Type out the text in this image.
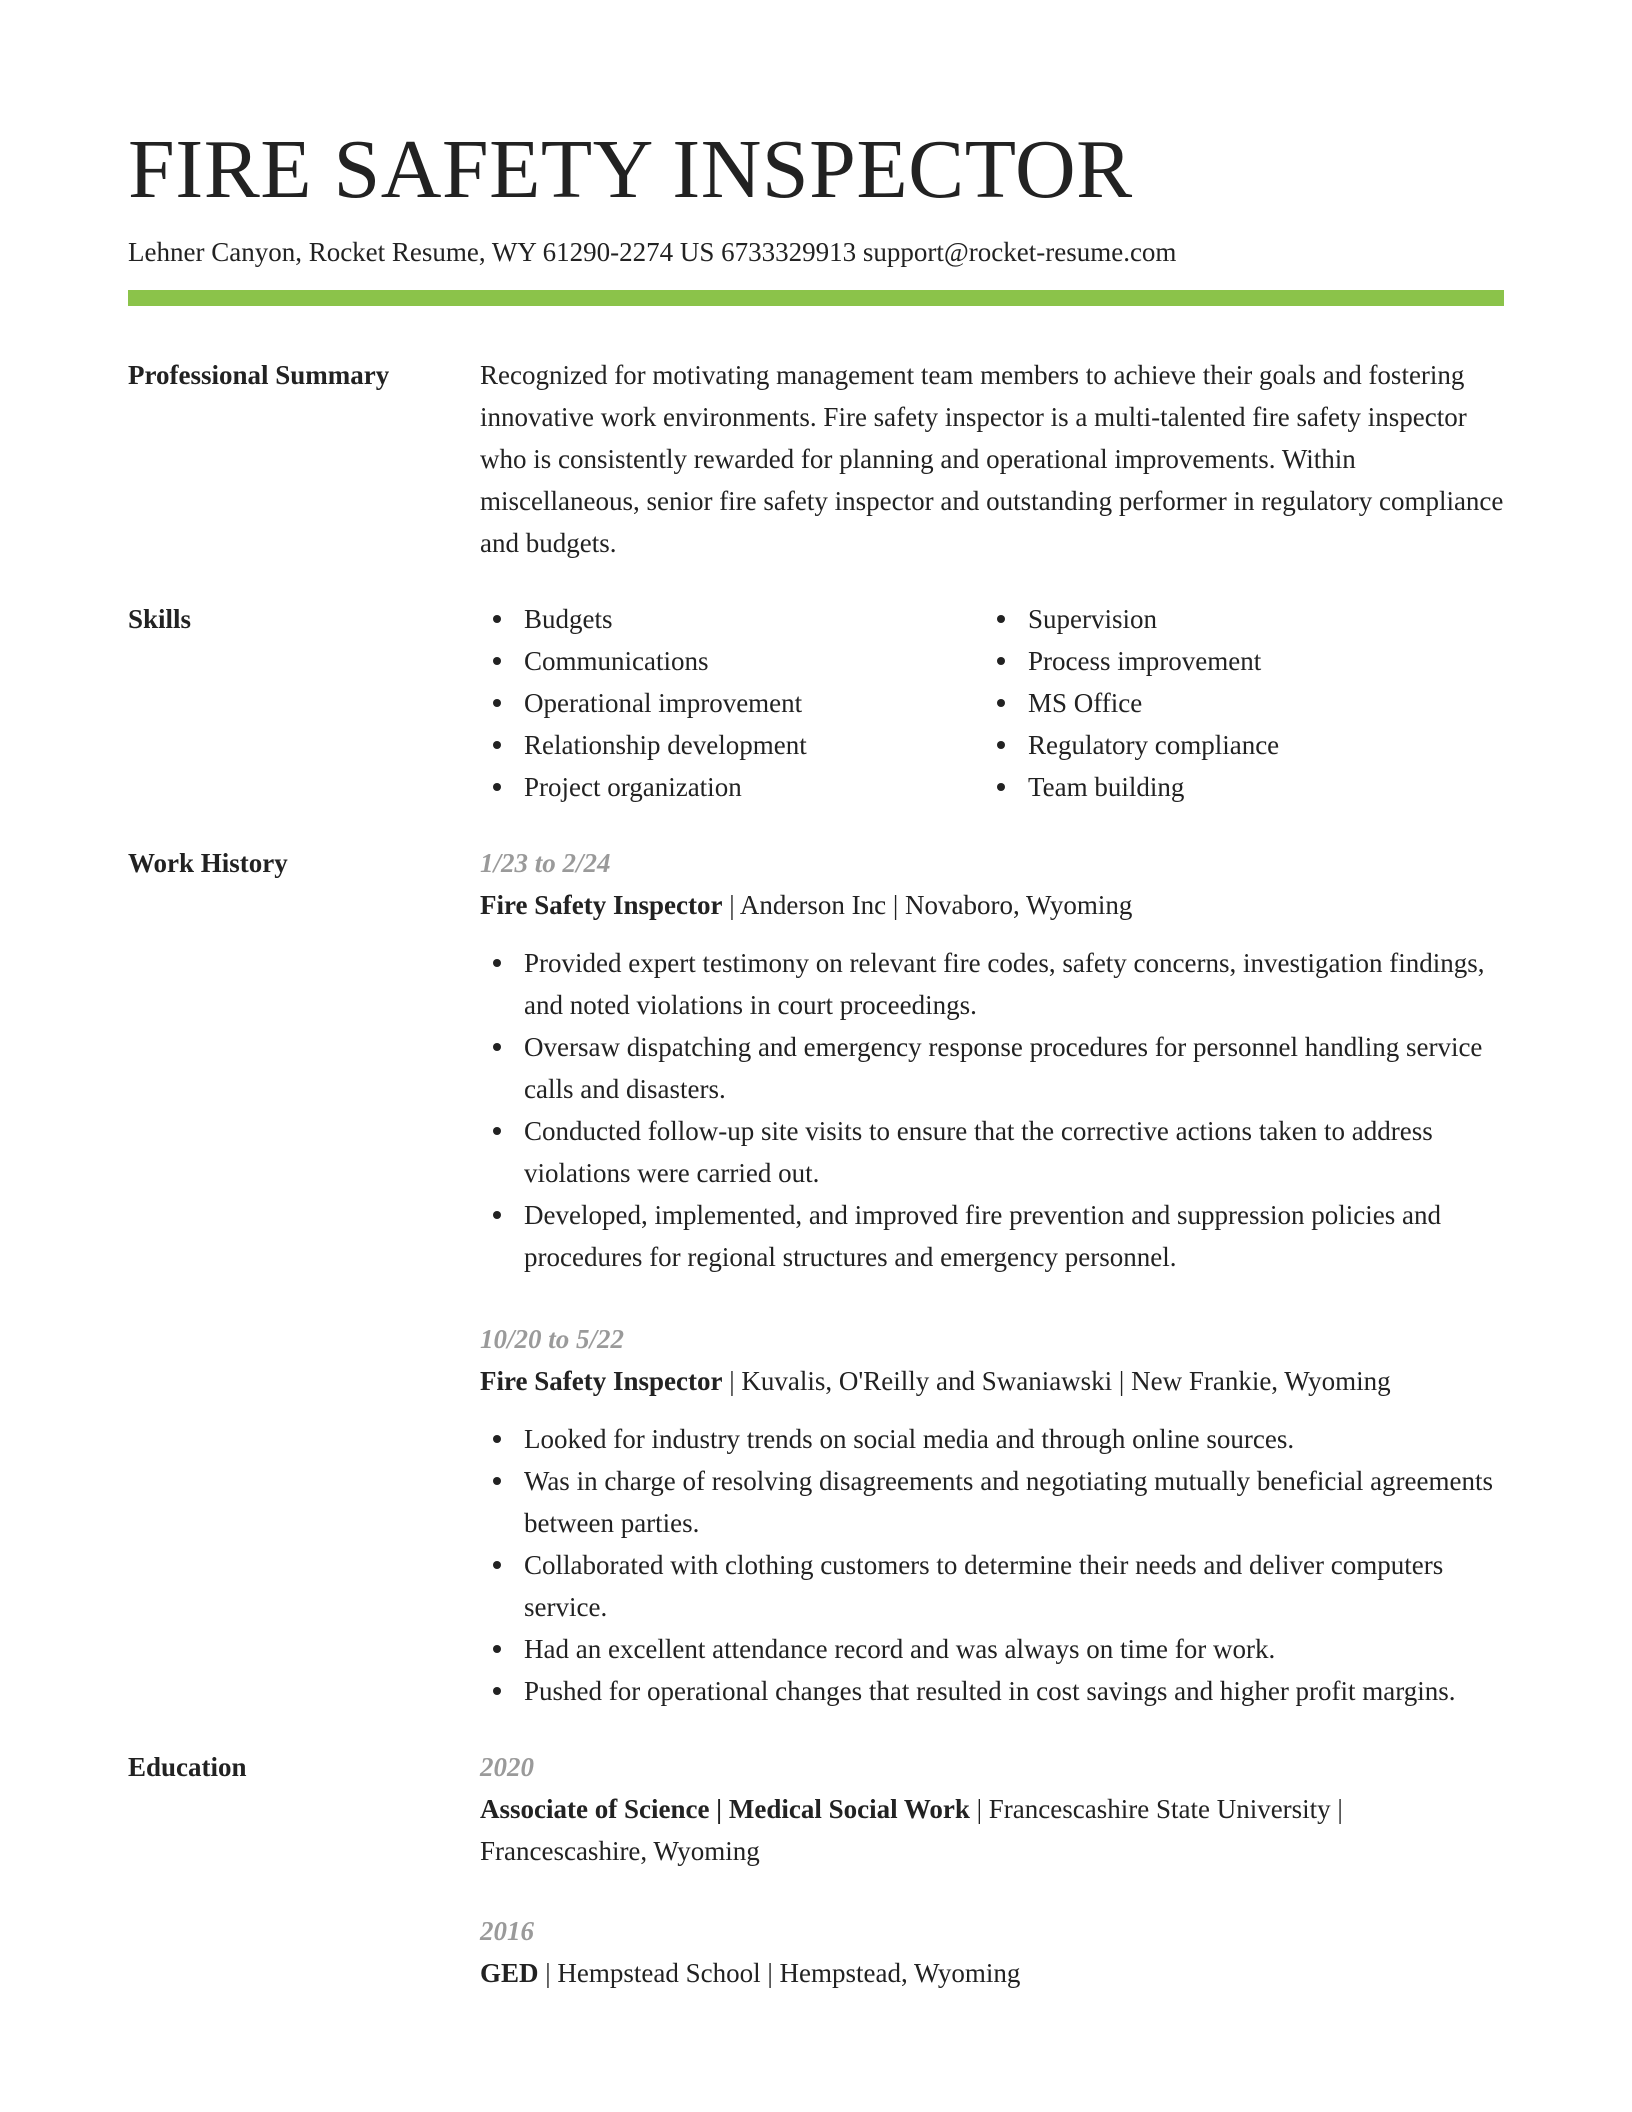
FIRE SAFETY INSPECTOR
Lehner Canyon, Rocket Resume, WY 61290-2274 US 6733329913 support@rocket-resume.com
Professional Summary	Recognized for motivating management team members to achieve their goals and fostering innovative work environments. Fire safety inspector is a multi-talented fire safety inspector who is consistently rewarded for planning and operational improvements. Within miscellaneous, senior fire safety inspector and outstanding performer in regulatory compliance and budgets.
Skills	Budgets
Communications
Operational improvement
Relationship development
Project organization
Supervision
Process improvement
MS Office
Regulatory compliance
Team building
Work History	1/23 to 2/24
Fire Safety Inspector | Anderson Inc | Novaboro, Wyoming
Provided expert testimony on relevant fire codes, safety concerns, investigation findings, and noted violations in court proceedings.
Oversaw dispatching and emergency response procedures for personnel handling service calls and disasters.
Conducted follow-up site visits to ensure that the corrective actions taken to address violations were carried out.
Developed, implemented, and improved fire prevention and suppression policies and procedures for regional structures and emergency personnel.
10/20 to 5/22
Fire Safety Inspector | Kuvalis, O'Reilly and Swaniawski | New Frankie, Wyoming
Looked for industry trends on social media and through online sources.
Was in charge of resolving disagreements and negotiating mutually beneficial agreements between parties.
Collaborated with clothing customers to determine their needs and deliver computers service.
Had an excellent attendance record and was always on time for work.
Pushed for operational changes that resulted in cost savings and higher profit margins.
Education	2020
Associate of Science | Medical Social Work | Francescashire State University | Francescashire, Wyoming
2016
GED | Hempstead School | Hempstead, Wyoming
